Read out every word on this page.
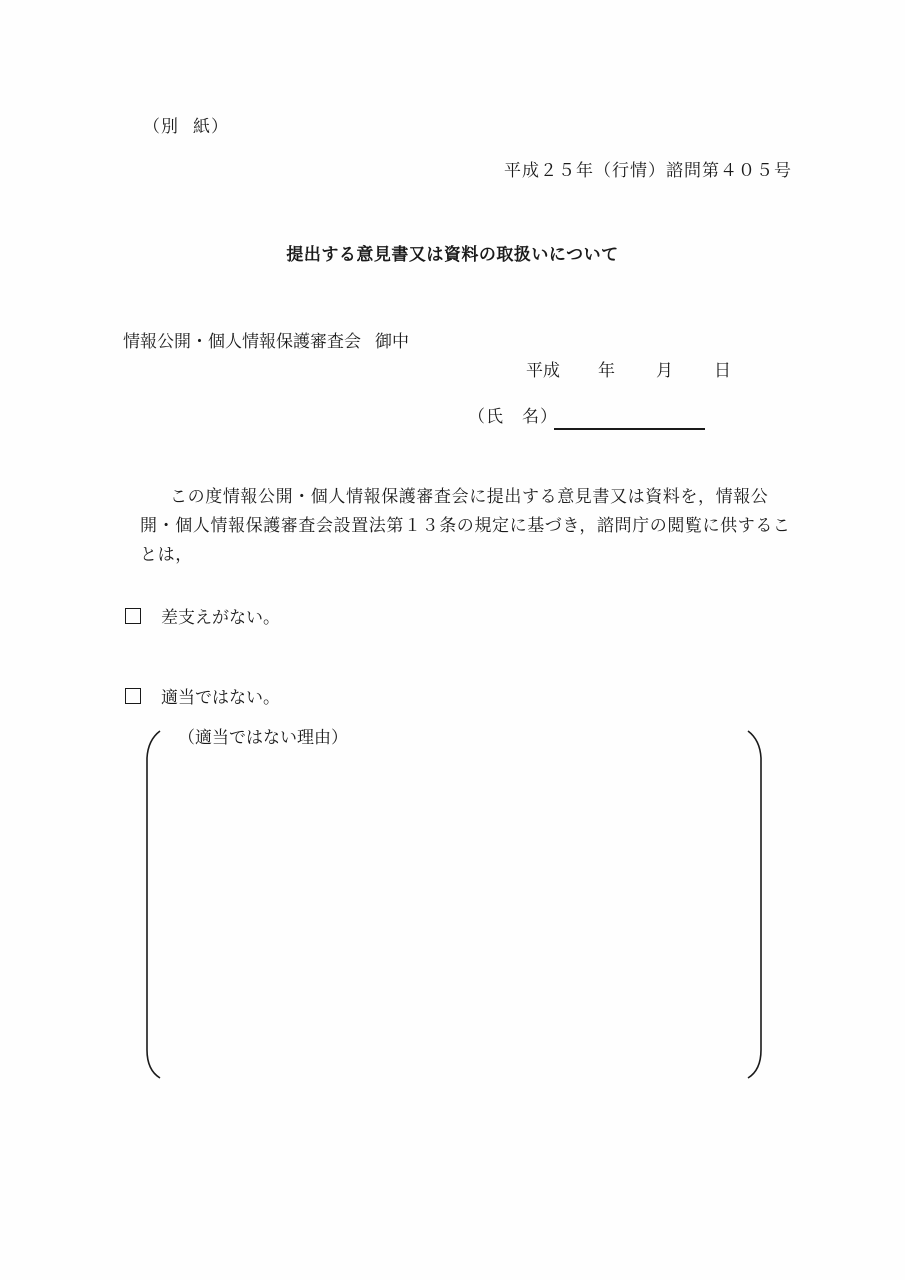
（別 紙）
平成２５年（行情）諮問第４０５号
提出する意見書又は資料の取扱いについて
情報公開・個人情報保護審査会 御中
平成 年 月 日
（氏　名）
この度情報公開・個人情報保護審査会に提出する意見書又は資料を，情報公開・個人情報保護審査会設置法第１３条の規定に基づき，諮問庁の閲覧に供することは，
差支えがない。
適当ではない。
（適当ではない理由）
